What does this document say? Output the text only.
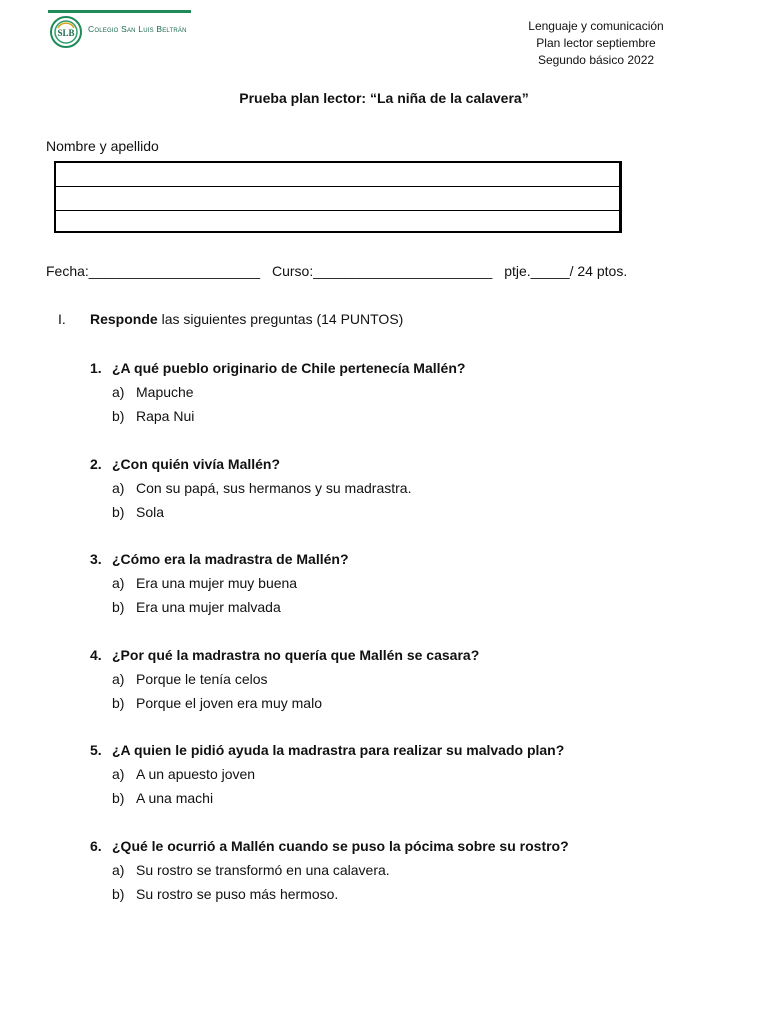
SLB Colegio San Luis Beltrán	Lenguaje y comunicación
Plan lector septiembre
Segundo básico 2022
Prueba plan lector: “La niña de la calavera”
Nombre y apellido
Fecha:______________________ Curso:_______________________ ptje._____/ 24 ptos.
I. Responde las siguientes preguntas (14 PUNTOS)
1. ¿A qué pueblo originario de Chile pertenecía Mallén?
a) Mapuche
b) Rapa Nui
2. ¿Con quién vivía Mallén?
a) Con su papá, sus hermanos y su madrastra.
b) Sola
3. ¿Cómo era la madrastra de Mallén?
a) Era una mujer muy buena
b) Era una mujer malvada
4. ¿Por qué la madrastra no quería que Mallén se casara?
a) Porque le tenía celos
b) Porque el joven era muy malo
5. ¿A quien le pidió ayuda la madrastra para realizar su malvado plan?
a) A un apuesto joven
b) A una machi
6. ¿Qué le ocurrió a Mallén cuando se puso la pócima sobre su rostro?
a) Su rostro se transformó en una calavera.
b) Su rostro se puso más hermoso.
